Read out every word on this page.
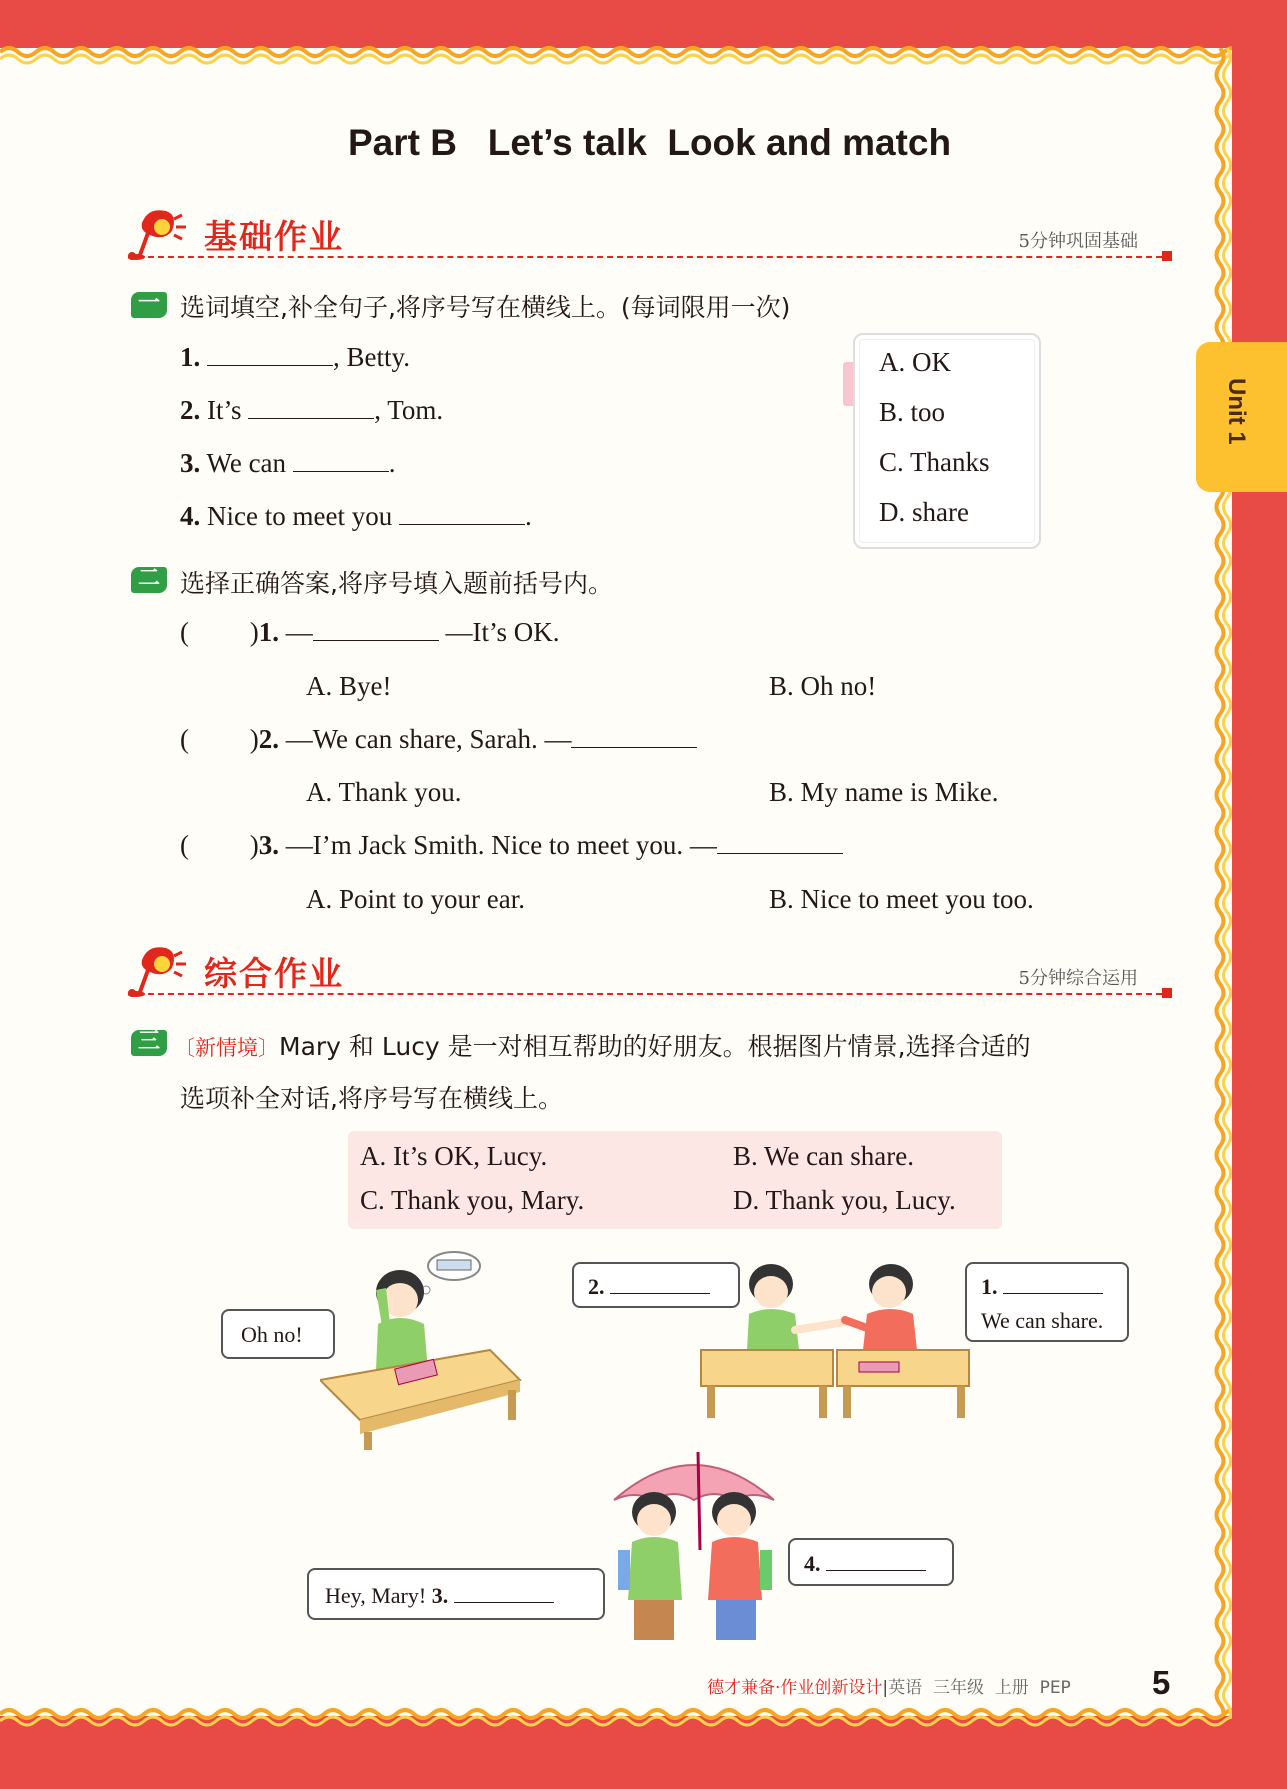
Unit 1
Part B   Let’s talk  Look and match
基础作业	5分钟巩固基础
一 选词填空,补全句子,将序号写在横线上。(每词限用一次)
1.	, Betty.
2. It’s	, Tom.
3. We can	.
4. Nice to meet you	.
A. OK
B. too
C. Thanks
D. share
二 选择正确答案,将序号填入题前括号内。
(         )1. —	—It’s OK.
A. Bye!	B. Oh no!
(         )2. —We can share, Sarah. —
A. Thank you.	B. My name is Mike.
(         )3. —I’m Jack Smith. Nice to meet you. —
A. Point to your ear.	B. Nice to meet you too.
综合作业	5分钟综合运用
三 〔新情境〕Mary 和 Lucy 是一对相互帮助的好朋友。根据图片情景,选择合适的
选项补全对话,将序号写在横线上。
A. It’s OK, Lucy.	B. We can share.
C. Thank you, Mary.	D. Thank you, Lucy.
Oh no!
2.	1.
We can share.
Hey, Mary! 3.
4.
德才兼备·作业创新设计|英语  三年级  上册  PEP 5
